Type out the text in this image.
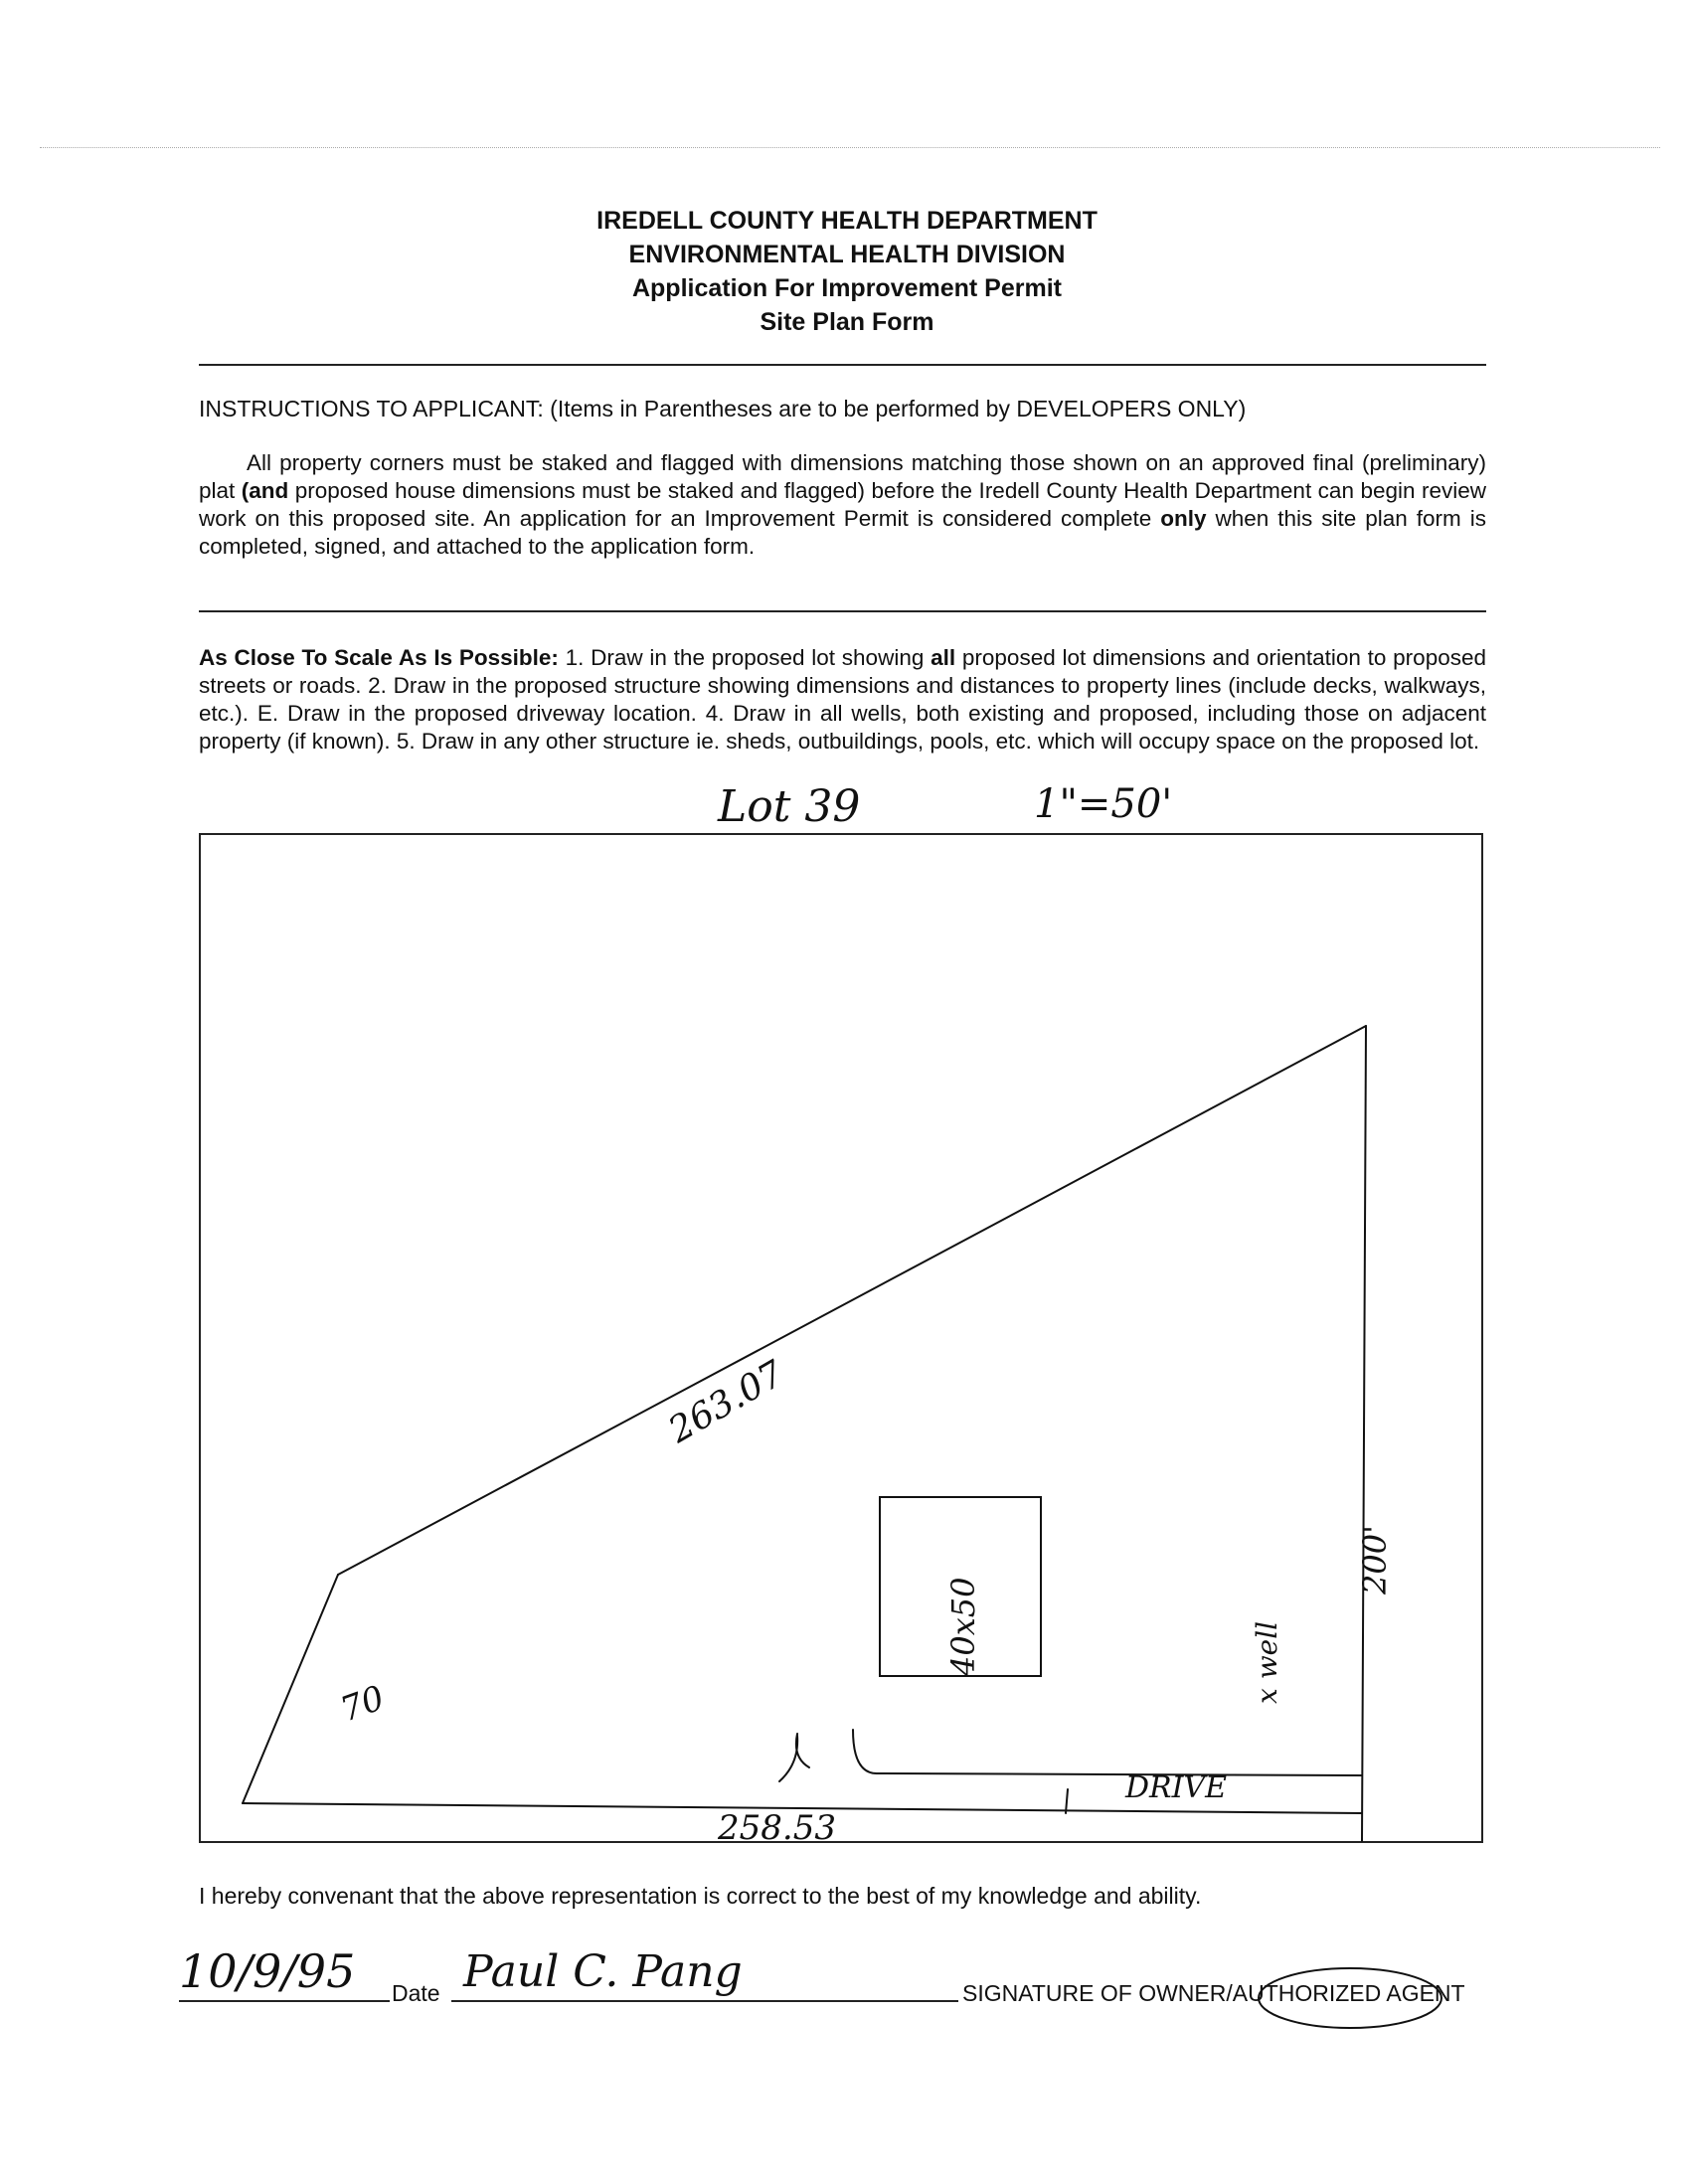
IREDELL COUNTY HEALTH DEPARTMENT
ENVIRONMENTAL HEALTH DIVISION
Application For Improvement Permit
Site Plan Form
INSTRUCTIONS TO APPLICANT: (Items in Parentheses are to be performed by DEVELOPERS ONLY)
All property corners must be staked and flagged with dimensions matching those shown on an approved final (preliminary) plat (and proposed house dimensions must be staked and flagged) before the Iredell County Health Department can begin review work on this proposed site. An application for an Improvement Permit is considered complete only when this site plan form is completed, signed, and attached to the application form.
As Close To Scale As Is Possible: 1. Draw in the proposed lot showing all proposed lot dimensions and orientation to proposed streets or roads. 2. Draw in the proposed structure showing dimensions and distances to property lines (include decks, walkways, etc.). E. Draw in the proposed driveway location. 4. Draw in all wells, both existing and proposed, including those on adjacent property (if known). 5. Draw in any other structure ie. sheds, outbuildings, pools, etc. which will occupy space on the proposed lot.
Lot 39	1"=50'
263.07
70
200'
258.53
40x50	x well
DRIVE
I hereby convenant that the above representation is correct to the best of my knowledge and ability.
10/9/95 Date Paul C. Pang	SIGNATURE OF OWNER/AUTHORIZED AGENT
